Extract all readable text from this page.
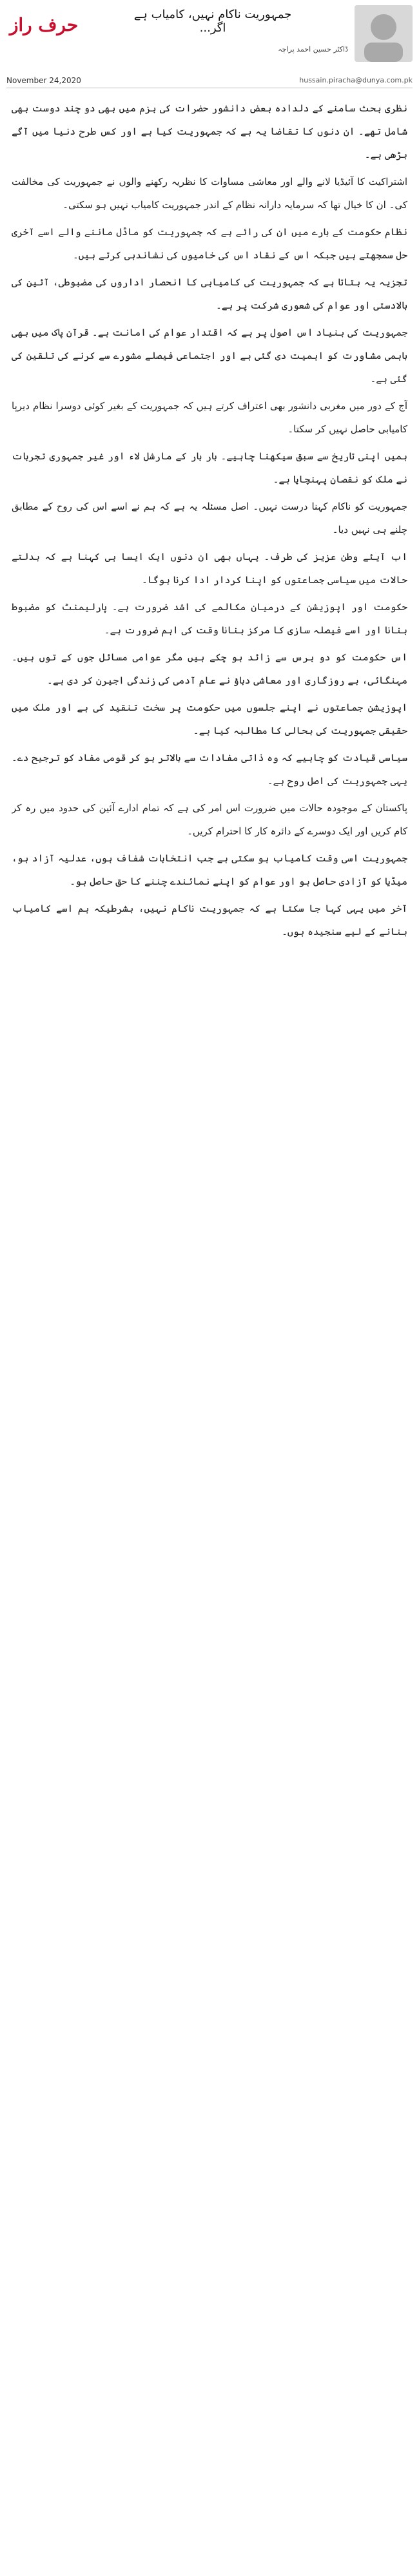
حرف راز	جمہوریت ناکام نہیں، کامیاب ہے اگر...
ڈاکٹر حسین احمد پراچہ
November 24,2020	hussain.piracha@dunya.com.pk

نظری بحث سامنے کے دلدادہ بعض دانشور حضرات کی بزم میں بھی دو چند دوست بھی شامل تھے۔ ان دنوں کا تقاضا یہ ہے کہ جمہوریت کیا ہے اور کس طرح دنیا میں آگے بڑھی ہے۔

اشتراکیت کا آئیڈیا لانے والے اور معاشی مساوات کا نظریہ رکھنے والوں نے جمہوریت کی مخالفت کی۔ ان کا خیال تھا کہ سرمایہ دارانہ نظام کے اندر جمہوریت کامیاب نہیں ہو سکتی۔

نظام حکومت کے بارے میں ان کی رائے ہے کہ جمہوریت کو ماڈل ماننے والے اسے آخری حل سمجھتے ہیں جبکہ اس کے نقاد اس کی خامیوں کی نشاندہی کرتے ہیں۔

تجزیہ یہ بتاتا ہے کہ جمہوریت کی کامیابی کا انحصار اداروں کی مضبوطی، آئین کی بالادستی اور عوام کی شعوری شرکت پر ہے۔

جمہوریت کی بنیاد اس اصول پر ہے کہ اقتدار عوام کی امانت ہے۔ قرآن پاک میں بھی باہمی مشاورت کو اہمیت دی گئی ہے اور اجتماعی فیصلے مشورے سے کرنے کی تلقین کی گئی ہے۔

آج کے دور میں مغربی دانشور بھی اعتراف کرتے ہیں کہ جمہوریت کے بغیر کوئی دوسرا نظام دیرپا کامیابی حاصل نہیں کر سکتا۔

ہمیں اپنی تاریخ سے سبق سیکھنا چاہیے۔ بار بار کے مارشل لاء اور غیر جمہوری تجربات نے ملک کو نقصان پہنچایا ہے۔

جمہوریت کو ناکام کہنا درست نہیں۔ اصل مسئلہ یہ ہے کہ ہم نے اسے اس کی روح کے مطابق چلنے ہی نہیں دیا۔

اب آیئے وطن عزیز کی طرف۔ یہاں بھی ان دنوں ایک ایسا ہی کہنا ہے کہ بدلتے حالات میں سیاسی جماعتوں کو اپنا کردار ادا کرنا ہوگا۔

حکومت اور اپوزیشن کے درمیان مکالمے کی اشد ضرورت ہے۔ پارلیمنٹ کو مضبوط بنانا اور اسے فیصلہ سازی کا مرکز بنانا وقت کی اہم ضرورت ہے۔

اس حکومت کو دو برس سے زائد ہو چکے ہیں مگر عوامی مسائل جوں کے توں ہیں۔ مہنگائی، بے روزگاری اور معاشی دباؤ نے عام آدمی کی زندگی اجیرن کر دی ہے۔

اپوزیشن جماعتوں نے اپنے جلسوں میں حکومت پر سخت تنقید کی ہے اور ملک میں حقیقی جمہوریت کی بحالی کا مطالبہ کیا ہے۔

سیاسی قیادت کو چاہیے کہ وہ ذاتی مفادات سے بالاتر ہو کر قومی مفاد کو ترجیح دے۔ یہی جمہوریت کی اصل روح ہے۔

پاکستان کے موجودہ حالات میں ضرورت اس امر کی ہے کہ تمام ادارے آئین کی حدود میں رہ کر کام کریں اور ایک دوسرے کے دائرہ کار کا احترام کریں۔

جمہوریت اسی وقت کامیاب ہو سکتی ہے جب انتخابات شفاف ہوں، عدلیہ آزاد ہو، میڈیا کو آزادی حاصل ہو اور عوام کو اپنے نمائندے چننے کا حق حاصل ہو۔

آخر میں یہی کہا جا سکتا ہے کہ جمہوریت ناکام نہیں، بشرطیکہ ہم اسے کامیاب بنانے کے لیے سنجیدہ ہوں۔
